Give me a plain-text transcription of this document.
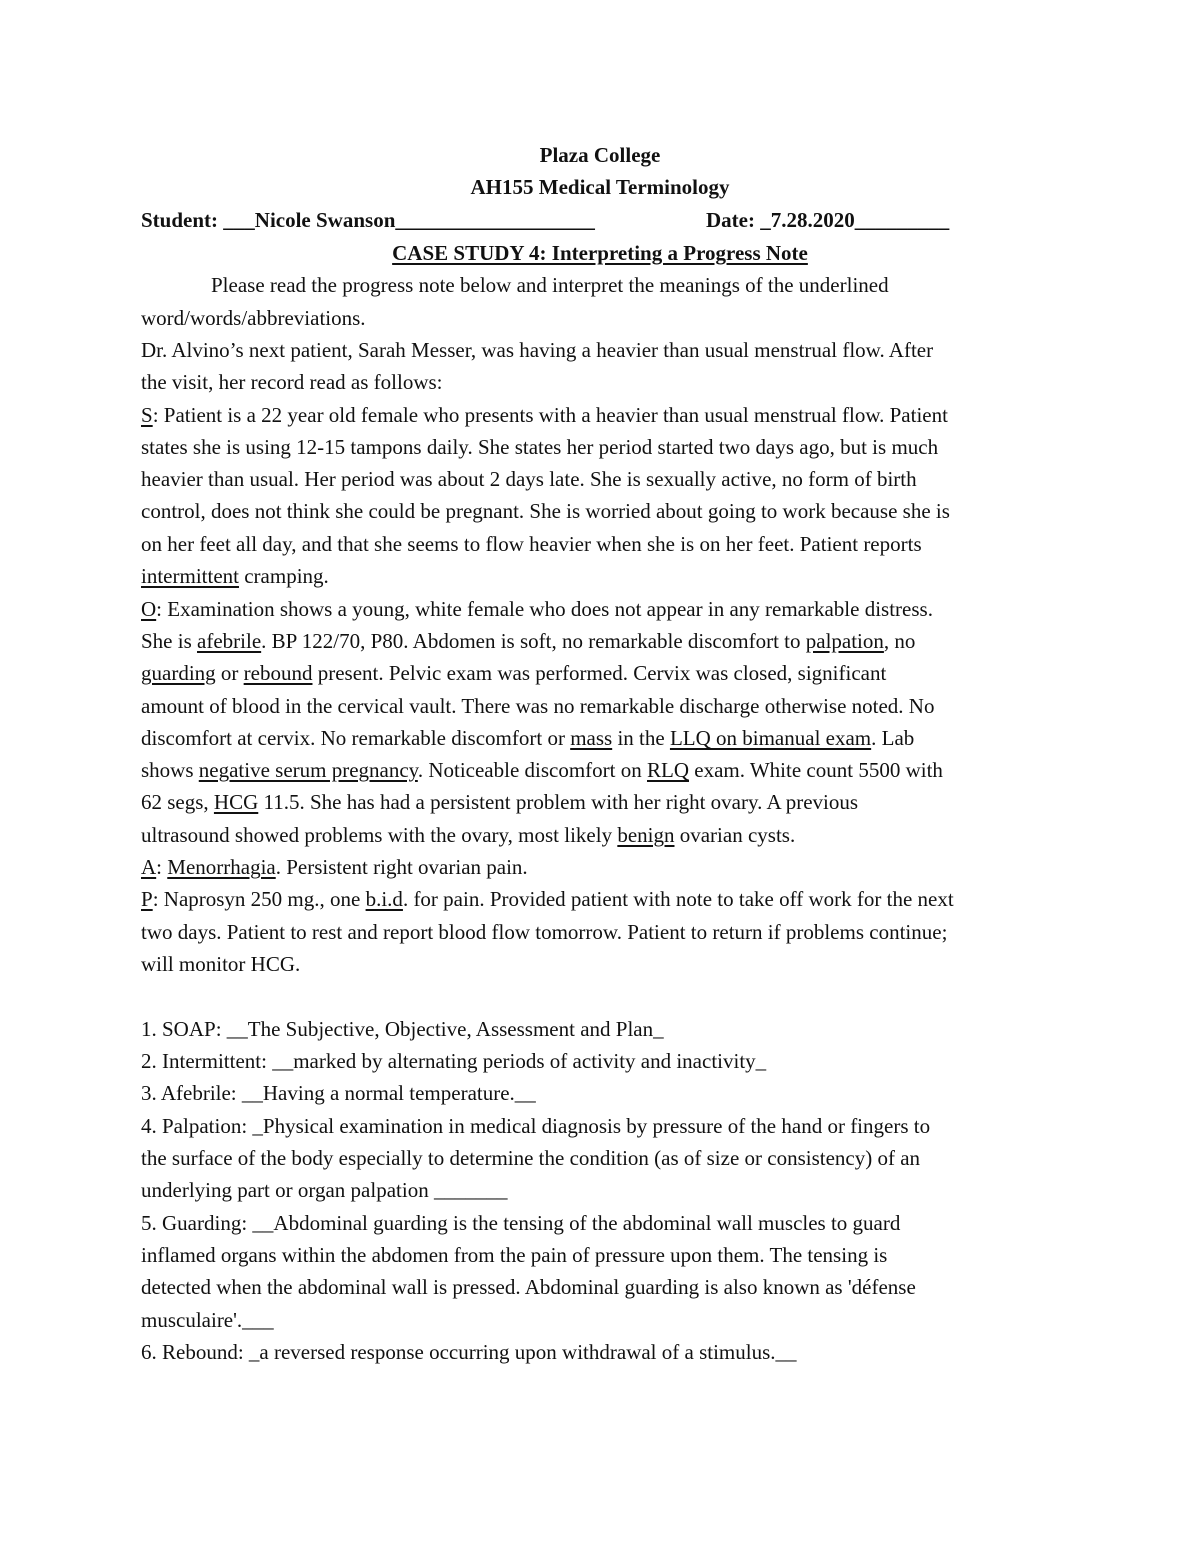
Plaza College
AH155 Medical Terminology
Student: ___Nicole Swanson___________________	Date: _7.28.2020_________
CASE STUDY 4: Interpreting a Progress Note
Please read the progress note below and interpret the meanings of the underlined
word/words/abbreviations.
Dr. Alvino’s next patient, Sarah Messer, was having a heavier than usual menstrual flow. After
the visit, her record read as follows:
S: Patient is a 22 year old female who presents with a heavier than usual menstrual flow. Patient
states she is using 12-15 tampons daily. She states her period started two days ago, but is much
heavier than usual. Her period was about 2 days late. She is sexually active, no form of birth
control, does not think she could be pregnant. She is worried about going to work because she is
on her feet all day, and that she seems to flow heavier when she is on her feet. Patient reports
intermittent cramping.
O: Examination shows a young, white female who does not appear in any remarkable distress.
She is afebrile. BP 122/70, P80. Abdomen is soft, no remarkable discomfort to palpation, no
guarding or rebound present. Pelvic exam was performed. Cervix was closed, significant
amount of blood in the cervical vault. There was no remarkable discharge otherwise noted. No
discomfort at cervix. No remarkable discomfort or mass in the LLQ on bimanual exam. Lab
shows negative serum pregnancy. Noticeable discomfort on RLQ exam. White count 5500 with
62 segs, HCG 11.5. She has had a persistent problem with her right ovary. A previous
ultrasound showed problems with the ovary, most likely benign ovarian cysts.
A: Menorrhagia. Persistent right ovarian pain.
P: Naprosyn 250 mg., one b.i.d. for pain. Provided patient with note to take off work for the next
two days. Patient to rest and report blood flow tomorrow. Patient to return if problems continue;
will monitor HCG.
1. SOAP: __The Subjective, Objective, Assessment and Plan_
2. Intermittent: __marked by alternating periods of activity and inactivity_
3. Afebrile: __Having a normal temperature.__
4. Palpation: _Physical examination in medical diagnosis by pressure of the hand or fingers to
the surface of the body especially to determine the condition (as of size or consistency) of an
underlying part or organ palpation _______
5. Guarding: __Abdominal guarding is the tensing of the abdominal wall muscles to guard
inflamed organs within the abdomen from the pain of pressure upon them. The tensing is
detected when the abdominal wall is pressed. Abdominal guarding is also known as 'défense
musculaire'.___
6. Rebound: _a reversed response occurring upon withdrawal of a stimulus.__
